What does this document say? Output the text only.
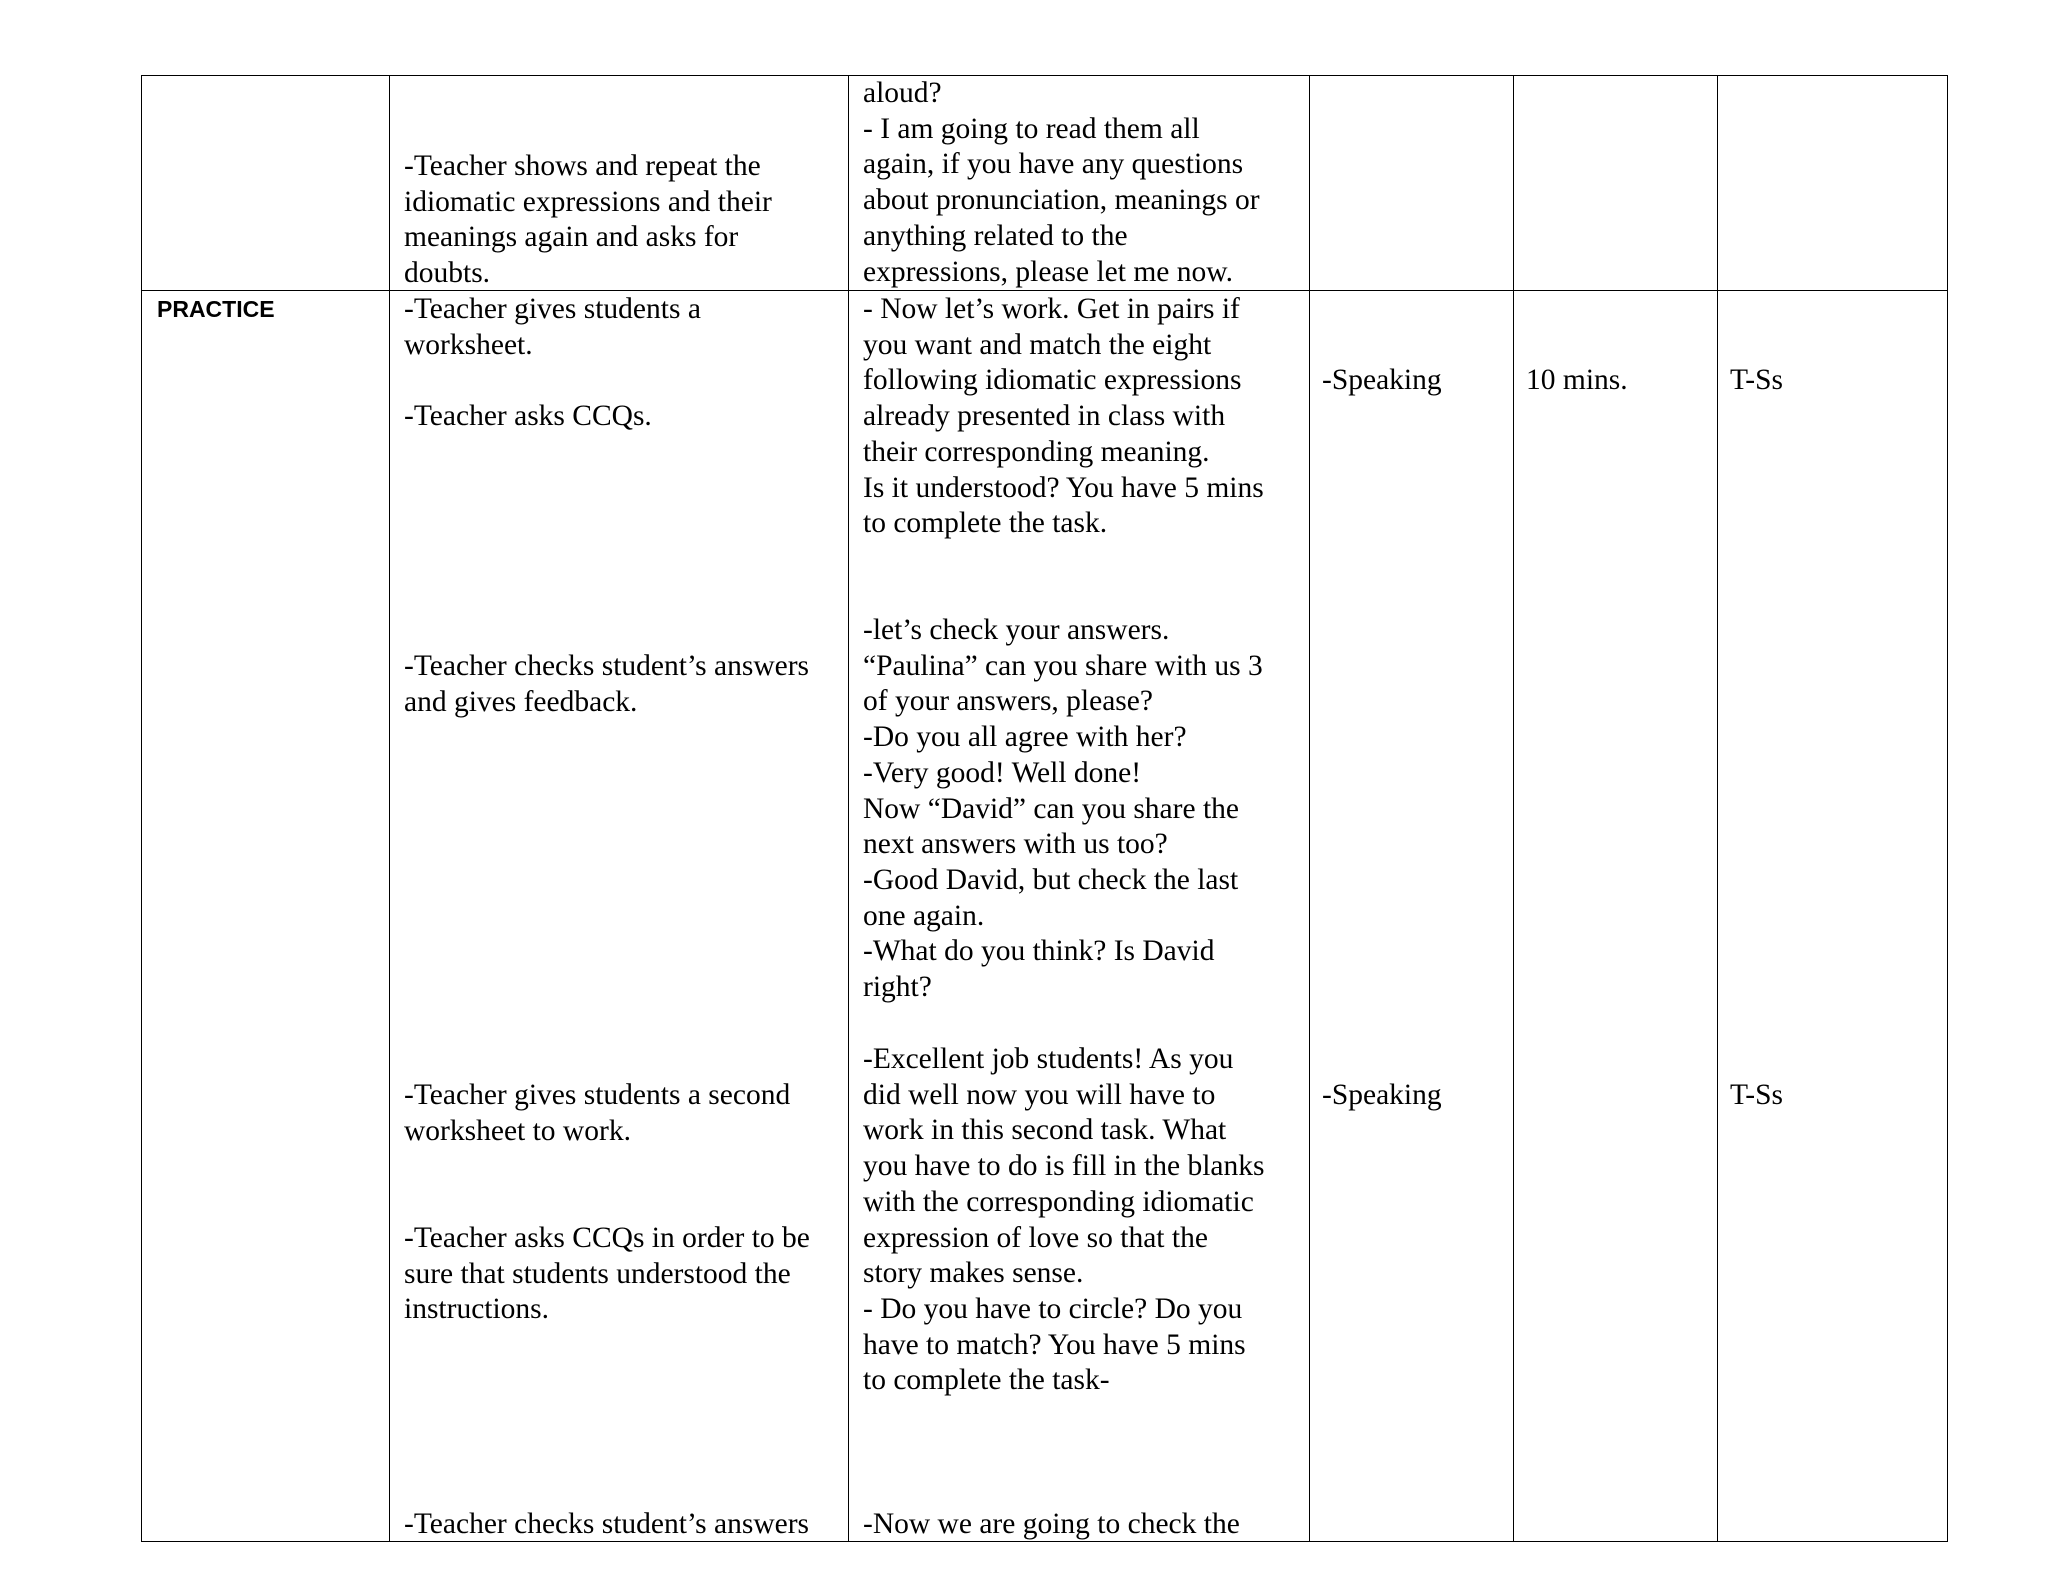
-Teacher shows and repeat the
idiomatic expressions and their
meanings again and asks for
doubts.
aloud?
- I am going to read them all
again, if you have any questions
about pronunciation, meanings or
anything related to the
expressions, please let me now.
PRACTICE	-Teacher gives students a
worksheet.
-Teacher asks CCQs.
-Teacher checks student’s answers
and gives feedback.
-Teacher gives students a second
worksheet to work.
-Teacher asks CCQs in order to be
sure that students understood the
instructions.
-Teacher checks student’s answers
- Now let’s work. Get in pairs if
you want and match the eight
following idiomatic expressions
already presented in class with
their corresponding meaning.
Is it understood? You have 5 mins
to complete the task.
-let’s check your answers.
“Paulina” can you share with us 3
of your answers, please?
-Do you all agree with her?
-Very good! Well done!
Now “David” can you share the
next answers with us too?
-Good David, but check the last
one again.
-What do you think? Is David
right?
-Excellent job students! As you
did well now you will have to
work in this second task. What
you have to do is fill in the blanks
with the corresponding idiomatic
expression of love so that the
story makes sense.
- Do you have to circle? Do you
have to match? You have 5 mins
to complete the task-
-Now we are going to check the
-Speaking
-Speaking
10 mins.	T-Ss
T-Ss
